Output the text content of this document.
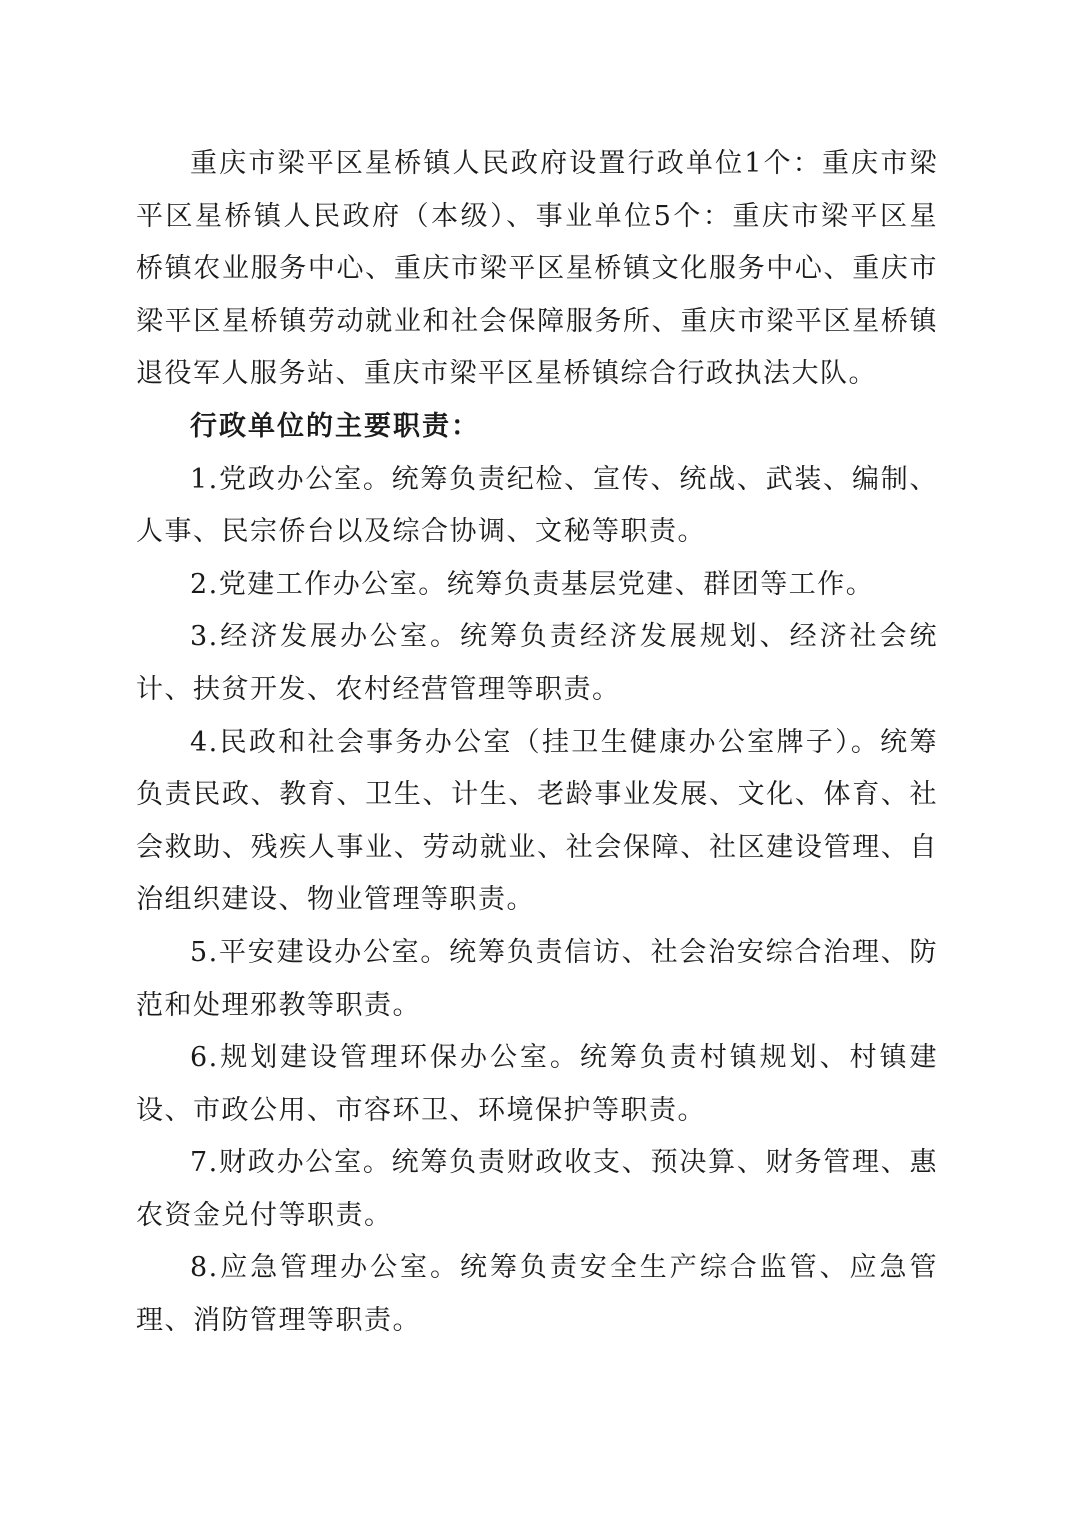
重庆市梁平区星桥镇人民政府设置行政单位1个：重庆市梁平区星桥镇人民政府（本级）、事业单位5个：重庆市梁平区星桥镇农业服务中心、重庆市梁平区星桥镇文化服务中心、重庆市梁平区星桥镇劳动就业和社会保障服务所、重庆市梁平区星桥镇退役军人服务站、重庆市梁平区星桥镇综合行政执法大队。

行政单位的主要职责：

1.党政办公室。统筹负责纪检、宣传、统战、武装、编制、人事、民宗侨台以及综合协调、文秘等职责。

2.党建工作办公室。统筹负责基层党建、群团等工作。

3.经济发展办公室。统筹负责经济发展规划、经济社会统计、扶贫开发、农村经营管理等职责。

4.民政和社会事务办公室（挂卫生健康办公室牌子）。统筹负责民政、教育、卫生、计生、老龄事业发展、文化、体育、社会救助、残疾人事业、劳动就业、社会保障、社区建设管理、自治组织建设、物业管理等职责。

5.平安建设办公室。统筹负责信访、社会治安综合治理、防范和处理邪教等职责。

6.规划建设管理环保办公室。统筹负责村镇规划、村镇建设、市政公用、市容环卫、环境保护等职责。

7.财政办公室。统筹负责财政收支、预决算、财务管理、惠农资金兑付等职责。

8.应急管理办公室。统筹负责安全生产综合监管、应急管理、消防管理等职责。
